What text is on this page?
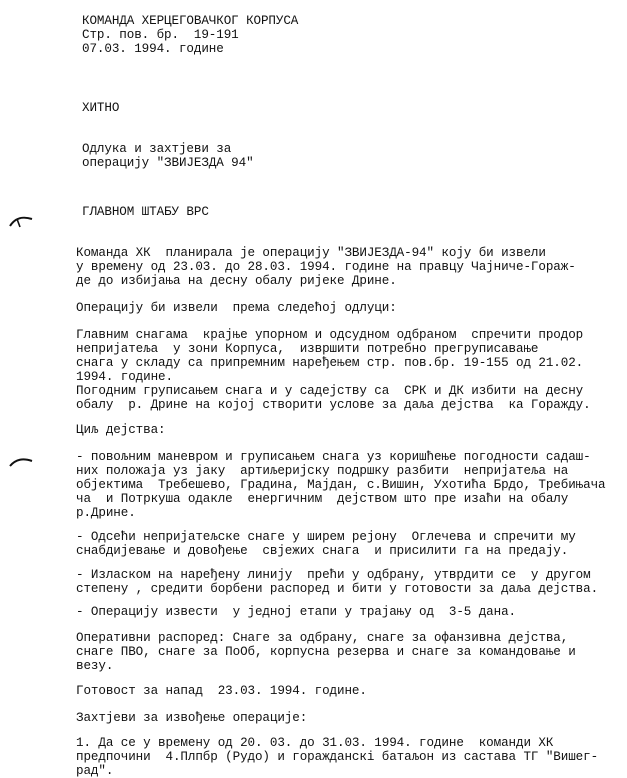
КОМАНДА ХЕРЦЕГОВАЧКОГ КОРПУСА

Стр. пов. бр.  19-191

07.03. 1994. године

ХИТНО

Одлука и захтјеви за

операцију "ЗВИЈЕЗДА 94"

ГЛАВНОМ ШТАБУ ВРС

Команда ХК  планирала је операцију "ЗВИЈЕЗДА-94" коју би извели

у времену од 23.03. до 28.03. 1994. године на правцу Чајниче-Гораж-

де до избијања на десну обалу ријеке Дрине.

Операцију би извели  према следећој одлуци:

Главним снагама  крајње упорном и одсудном одбраном  спречити продор

непријатеља  у зони Корпуса,  извршити потребно прегруписавање

снага у складу са припремним наређењем стр. пов.бр. 19-155 од 21.02.

1994. године.

Погодним груписањем снага и у садејству са  СРК и ДК избити на десну

обалу  р. Дрине на којој створити услове за даља дејства  ка Горажду.

Циљ дејства:

- повољним маневром и груписањем снага уз коришћење погодности садаш-

ниx положаја уз јаку  артиљеријску подршку разбити  непријатеља на

објектима  Требешево, Градина, Мајдан, с.Вишин, Ухотића Брдо, Требињача

ча  и Потркуша одакле  енергичним  дејством што пре изаћи на обалу

р.Дрине.

- Одсећи непријатељске снаге у ширем рејону  Оглечева и спречити му

снабдијевање и довођење  свјежих снага  и присилити га на предају.

- Изласком на наређену линију  прећи у одбрану, утврдити се  у другом

степену , средити борбени распоред и бити у готовости за даља дејства.

- Операцију извести  у једној етапи у трајању од  3-5 дана.

Оперативни распоред: Снаге за одбрану, снаге за офанзивна дејства,

снаге ПВО, снаге за ПоОб, корпусна резерва и снаге за командовање и

везу.

Готовост за напад  23.03. 1994. године.

Захтјеви за извођење операције:

1. Да се у времену од 20. 03. до 31.03. 1994. године  команди ХК

предпочини  4.Плпбр (Рудо) и горажданскi батаљон из састава ТГ "Вишег-

рад".
